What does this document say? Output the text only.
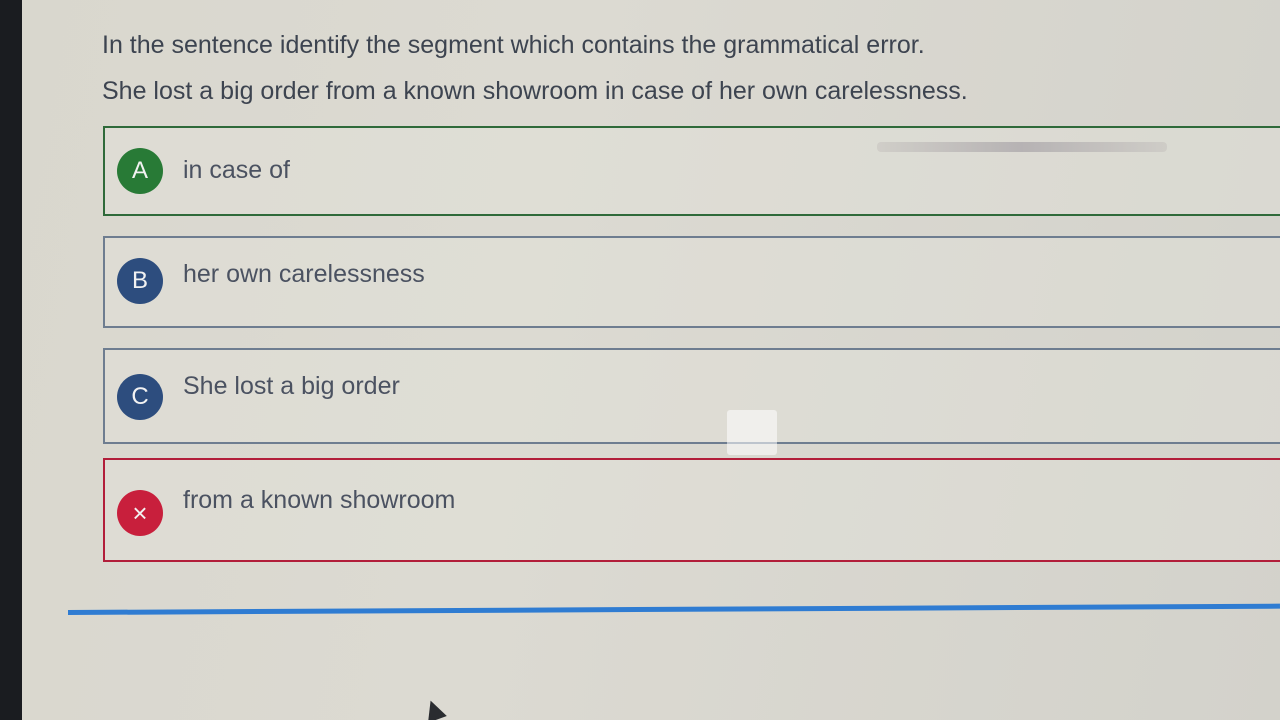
In the sentence identify the segment which contains the grammatical error.
She lost a big order from a known showroom in case of her own carelessness.
A	in case of
B	her own carelessness
C	She lost a big order
×	from a known showroom
